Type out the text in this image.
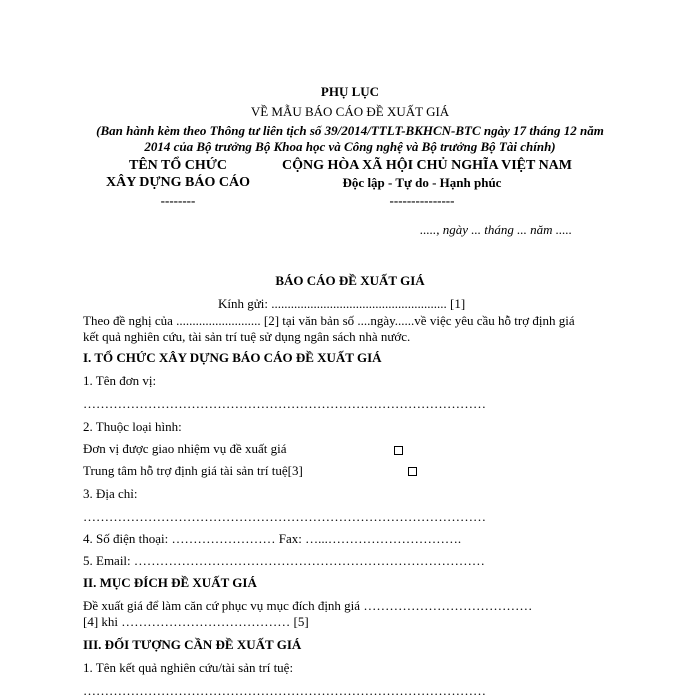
PHỤ LỤC
VỀ MẪU BÁO CÁO ĐỀ XUẤT GIÁ
(Ban hành kèm theo Thông tư liên tịch số 39/2014/TTLT-BKHCN-BTC ngày 17 tháng 12 năm
2014 của Bộ trưởng Bộ Khoa học và Công nghệ và Bộ trưởng Bộ Tài chính)
TÊN TỔ CHỨC
XÂY DỰNG BÁO CÁO
--------
CỘNG HÒA XÃ HỘI CHỦ NGHĨA VIỆT NAM
Độc lập - Tự do - Hạnh phúc
---------------
....., ngày ... tháng ... năm .....
BÁO CÁO ĐỀ XUẤT GIÁ
Kính gửi: ...................................................... [1]
Theo đề nghị của .......................... [2] tại văn bản số ....ngày......về việc yêu cầu hỗ trợ định giá
kết quả nghiên cứu, tài sản trí tuệ sử dụng ngân sách nhà nước.
I. TỔ CHỨC XÂY DỰNG BÁO CÁO ĐỀ XUẤT GIÁ
1. Tên đơn vị:
…………………………………………………………………………………
2. Thuộc loại hình:
Đơn vị được giao nhiệm vụ đề xuất giá
Trung tâm hỗ trợ định giá tài sản trí tuệ[3]
3. Địa chỉ:
…………………………………………………………………………………
4. Số điện thoại: …………………… Fax: …...………………………….
5. Email: ………………………………………………………………………
II. MỤC ĐÍCH ĐỀ XUẤT GIÁ
Đề xuất giá để làm căn cứ phục vụ mục đích định giá …………………………………
[4] khi ………………………………… [5]
III. ĐỐI TƯỢNG CẦN ĐỀ XUẤT GIÁ
1. Tên kết quả nghiên cứu/tài sản trí tuệ:
…………………………………………………………………………………
